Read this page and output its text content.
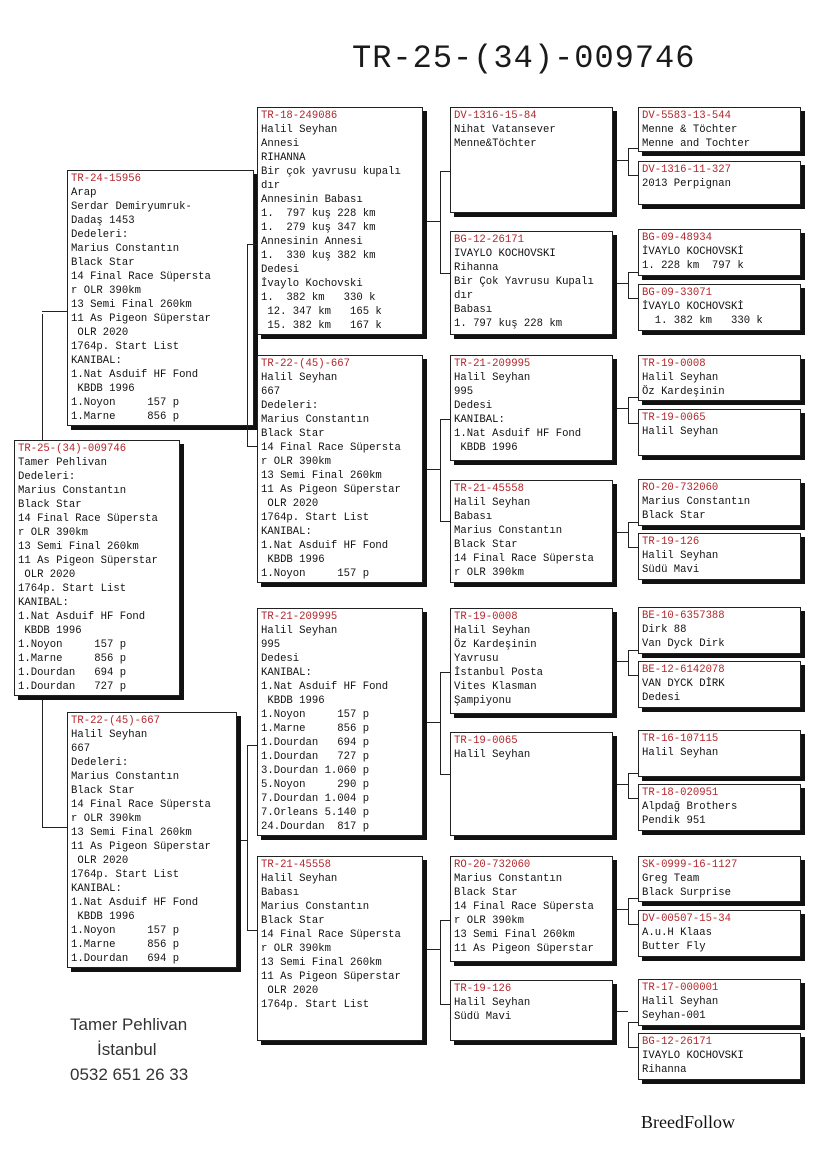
TR-25-(34)-009746
TR-25-(34)-009746
Tamer Pehlivan
Dedeleri:
Marius Constantın
Black Star
14 Final Race Süpersta
r OLR 390km
13 Semi Final 260km
11 As Pigeon Süperstar
OLR 2020
1764p. Start List
KANIBAL:
1.Nat Asduif HF Fond
KBDB 1996
1.Noyon     157 p
1.Marne     856 p
1.Dourdan   694 p
1.Dourdan   727 p
TR-24-15956
Arap
Serdar Demiryumruk-
Dadaş 1453
Dedeleri:
Marius Constantın
Black Star
14 Final Race Süpersta
r OLR 390km
13 Semi Final 260km
11 As Pigeon Süperstar
OLR 2020
1764p. Start List
KANIBAL:
1.Nat Asduif HF Fond
KBDB 1996
1.Noyon     157 p
1.Marne     856 p
TR-22-(45)-667
Halil Seyhan
667
Dedeleri:
Marius Constantın
Black Star
14 Final Race Süpersta
r OLR 390km
13 Semi Final 260km
11 As Pigeon Süperstar
OLR 2020
1764p. Start List
KANIBAL:
1.Nat Asduif HF Fond
KBDB 1996
1.Noyon     157 p
1.Marne     856 p
1.Dourdan   694 p
TR-18-249086
Halil Seyhan
Annesi
RIHANNA
Bir çok yavrusu kupalı
dır
Annesinin Babası
1.  797 kuş 228 km
1.  279 kuş 347 km
Annesinin Annesi
1.  330 kuş 382 km
Dedesi
İvaylo Kochovski
1.  382 km   330 k
12. 347 km   165 k
15. 382 km   167 k
TR-22-(45)-667
Halil Seyhan
667
Dedeleri:
Marius Constantın
Black Star
14 Final Race Süpersta
r OLR 390km
13 Semi Final 260km
11 As Pigeon Süperstar
OLR 2020
1764p. Start List
KANIBAL:
1.Nat Asduif HF Fond
KBDB 1996
1.Noyon     157 p
TR-21-209995
Halil Seyhan
995
Dedesi
KANIBAL:
1.Nat Asduif HF Fond
KBDB 1996
1.Noyon     157 p
1.Marne     856 p
1.Dourdan   694 p
1.Dourdan   727 p
3.Dourdan 1.060 p
5.Noyon     290 p
7.Dourdan 1.004 p
7.Orleans 5.140 p
24.Dourdan  817 p
TR-21-45558
Halil Seyhan
Babası
Marius Constantın
Black Star
14 Final Race Süpersta
r OLR 390km
13 Semi Final 260km
11 As Pigeon Süperstar
OLR 2020
1764p. Start List
DV-1316-15-84
Nihat Vatansever
Menne&Töchter
BG-12-26171
IVAYLO KOCHOVSKI
Rihanna
Bir Çok Yavrusu Kupalı
dır
Babası
1. 797 kuş 228 km
TR-21-209995
Halil Seyhan
995
Dedesi
KANIBAL:
1.Nat Asduif HF Fond
KBDB 1996
TR-21-45558
Halil Seyhan
Babası
Marius Constantın
Black Star
14 Final Race Süpersta
r OLR 390km
TR-19-0008
Halil Seyhan
Öz Kardeşinin
Yavrusu
İstanbul Posta
Vites Klasman
Şampiyonu
TR-19-0065
Halil Seyhan
RO-20-732060
Marius Constantın
Black Star
14 Final Race Süpersta
r OLR 390km
13 Semi Final 260km
11 As Pigeon Süperstar
TR-19-126
Halil Seyhan
Südü Mavi
DV-5583-13-544
Menne & Töchter
Menne and Tochter
DV-1316-11-327
2013 Perpignan
BG-09-48934
İVAYLO KOCHOVSKİ
1. 228 km  797 k
BG-09-33071
İVAYLO KOCHOVSKİ
1. 382 km   330 k
TR-19-0008
Halil Seyhan
Öz Kardeşinin
TR-19-0065
Halil Seyhan
RO-20-732060
Marius Constantın
Black Star
TR-19-126
Halil Seyhan
Südü Mavi
BE-10-6357388
Dirk 88
Van Dyck Dirk
BE-12-6142078
VAN DYCK DİRK
Dedesi
TR-16-107115
Halil Seyhan
TR-18-020951
Alpdağ Brothers
Pendik 951
SK-0999-16-1127
Greg Team
Black Surprise
DV-00507-15-34
A.u.H Klaas
Butter Fly
TR-17-000001
Halil Seyhan
Seyhan-001
BG-12-26171
IVAYLO KOCHOVSKI
Rihanna
Tamer Pehlivan
İstanbul
0532 651 26 33
BreedFollow
